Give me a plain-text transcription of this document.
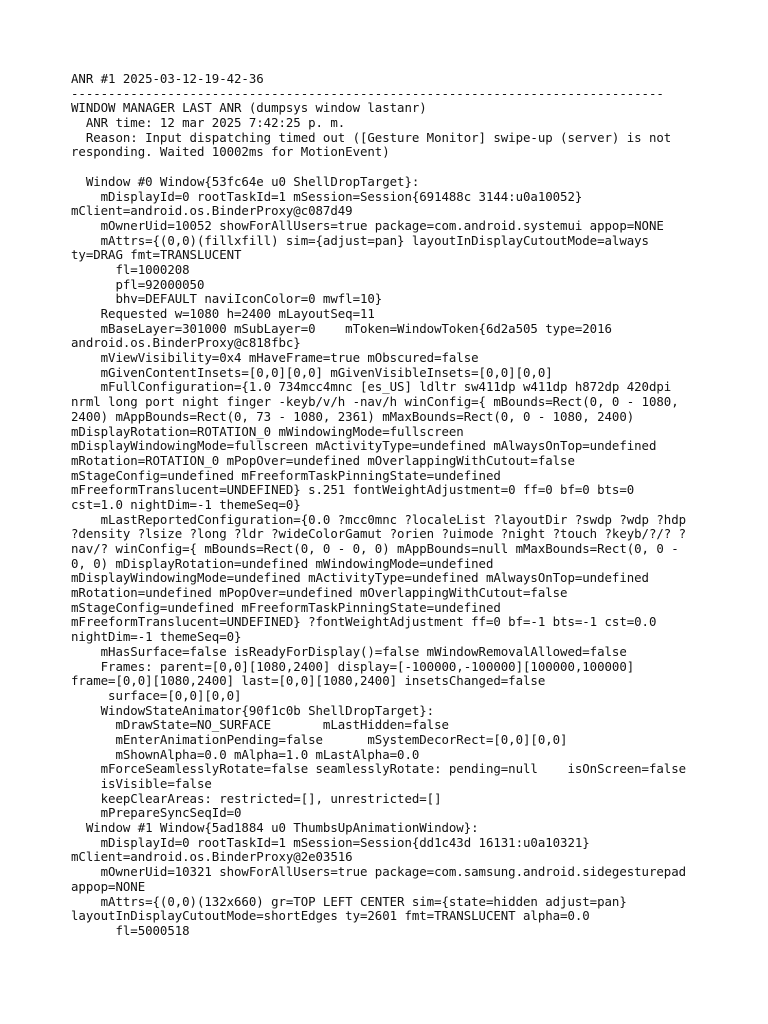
ANR #1 2025-03-12-19-42-36
--------------------------------------------------------------------------------
WINDOW MANAGER LAST ANR (dumpsys window lastanr)
ANR time: 12 mar 2025 7:42:25 p. m.
Reason: Input dispatching timed out ([Gesture Monitor] swipe-up (server) is not
responding. Waited 10002ms for MotionEvent)
Window #0 Window{53fc64e u0 ShellDropTarget}:
mDisplayId=0 rootTaskId=1 mSession=Session{691488c 3144:u0a10052}
mClient=android.os.BinderProxy@c087d49
mOwnerUid=10052 showForAllUsers=true package=com.android.systemui appop=NONE
mAttrs={(0,0)(fillxfill) sim={adjust=pan} layoutInDisplayCutoutMode=always
ty=DRAG fmt=TRANSLUCENT
fl=1000208
pfl=92000050
bhv=DEFAULT naviIconColor=0 mwfl=10}
Requested w=1080 h=2400 mLayoutSeq=11
mBaseLayer=301000 mSubLayer=0    mToken=WindowToken{6d2a505 type=2016
android.os.BinderProxy@c818fbc}
mViewVisibility=0x4 mHaveFrame=true mObscured=false
mGivenContentInsets=[0,0][0,0] mGivenVisibleInsets=[0,0][0,0]
mFullConfiguration={1.0 734mcc4mnc [es_US] ldltr sw411dp w411dp h872dp 420dpi
nrml long port night finger -keyb/v/h -nav/h winConfig={ mBounds=Rect(0, 0 - 1080,
2400) mAppBounds=Rect(0, 73 - 1080, 2361) mMaxBounds=Rect(0, 0 - 1080, 2400)
mDisplayRotation=ROTATION_0 mWindowingMode=fullscreen
mDisplayWindowingMode=fullscreen mActivityType=undefined mAlwaysOnTop=undefined
mRotation=ROTATION_0 mPopOver=undefined mOverlappingWithCutout=false
mStageConfig=undefined mFreeformTaskPinningState=undefined
mFreeformTranslucent=UNDEFINED} s.251 fontWeightAdjustment=0 ff=0 bf=0 bts=0
cst=1.0 nightDim=-1 themeSeq=0}
mLastReportedConfiguration={0.0 ?mcc0mnc ?localeList ?layoutDir ?swdp ?wdp ?hdp
?density ?lsize ?long ?ldr ?wideColorGamut ?orien ?uimode ?night ?touch ?keyb/?/? ?
nav/? winConfig={ mBounds=Rect(0, 0 - 0, 0) mAppBounds=null mMaxBounds=Rect(0, 0 -
0, 0) mDisplayRotation=undefined mWindowingMode=undefined
mDisplayWindowingMode=undefined mActivityType=undefined mAlwaysOnTop=undefined
mRotation=undefined mPopOver=undefined mOverlappingWithCutout=false
mStageConfig=undefined mFreeformTaskPinningState=undefined
mFreeformTranslucent=UNDEFINED} ?fontWeightAdjustment ff=0 bf=-1 bts=-1 cst=0.0
nightDim=-1 themeSeq=0}
mHasSurface=false isReadyForDisplay()=false mWindowRemovalAllowed=false
Frames: parent=[0,0][1080,2400] display=[-100000,-100000][100000,100000]
frame=[0,0][1080,2400] last=[0,0][1080,2400] insetsChanged=false
surface=[0,0][0,0]
WindowStateAnimator{90f1c0b ShellDropTarget}:
mDrawState=NO_SURFACE       mLastHidden=false
mEnterAnimationPending=false      mSystemDecorRect=[0,0][0,0]
mShownAlpha=0.0 mAlpha=1.0 mLastAlpha=0.0
mForceSeamlesslyRotate=false seamlesslyRotate: pending=null    isOnScreen=false
isVisible=false
keepClearAreas: restricted=[], unrestricted=[]
mPrepareSyncSeqId=0
Window #1 Window{5ad1884 u0 ThumbsUpAnimationWindow}:
mDisplayId=0 rootTaskId=1 mSession=Session{dd1c43d 16131:u0a10321}
mClient=android.os.BinderProxy@2e03516
mOwnerUid=10321 showForAllUsers=true package=com.samsung.android.sidegesturepad
appop=NONE
mAttrs={(0,0)(132x660) gr=TOP LEFT CENTER sim={state=hidden adjust=pan}
layoutInDisplayCutoutMode=shortEdges ty=2601 fmt=TRANSLUCENT alpha=0.0
fl=5000518
